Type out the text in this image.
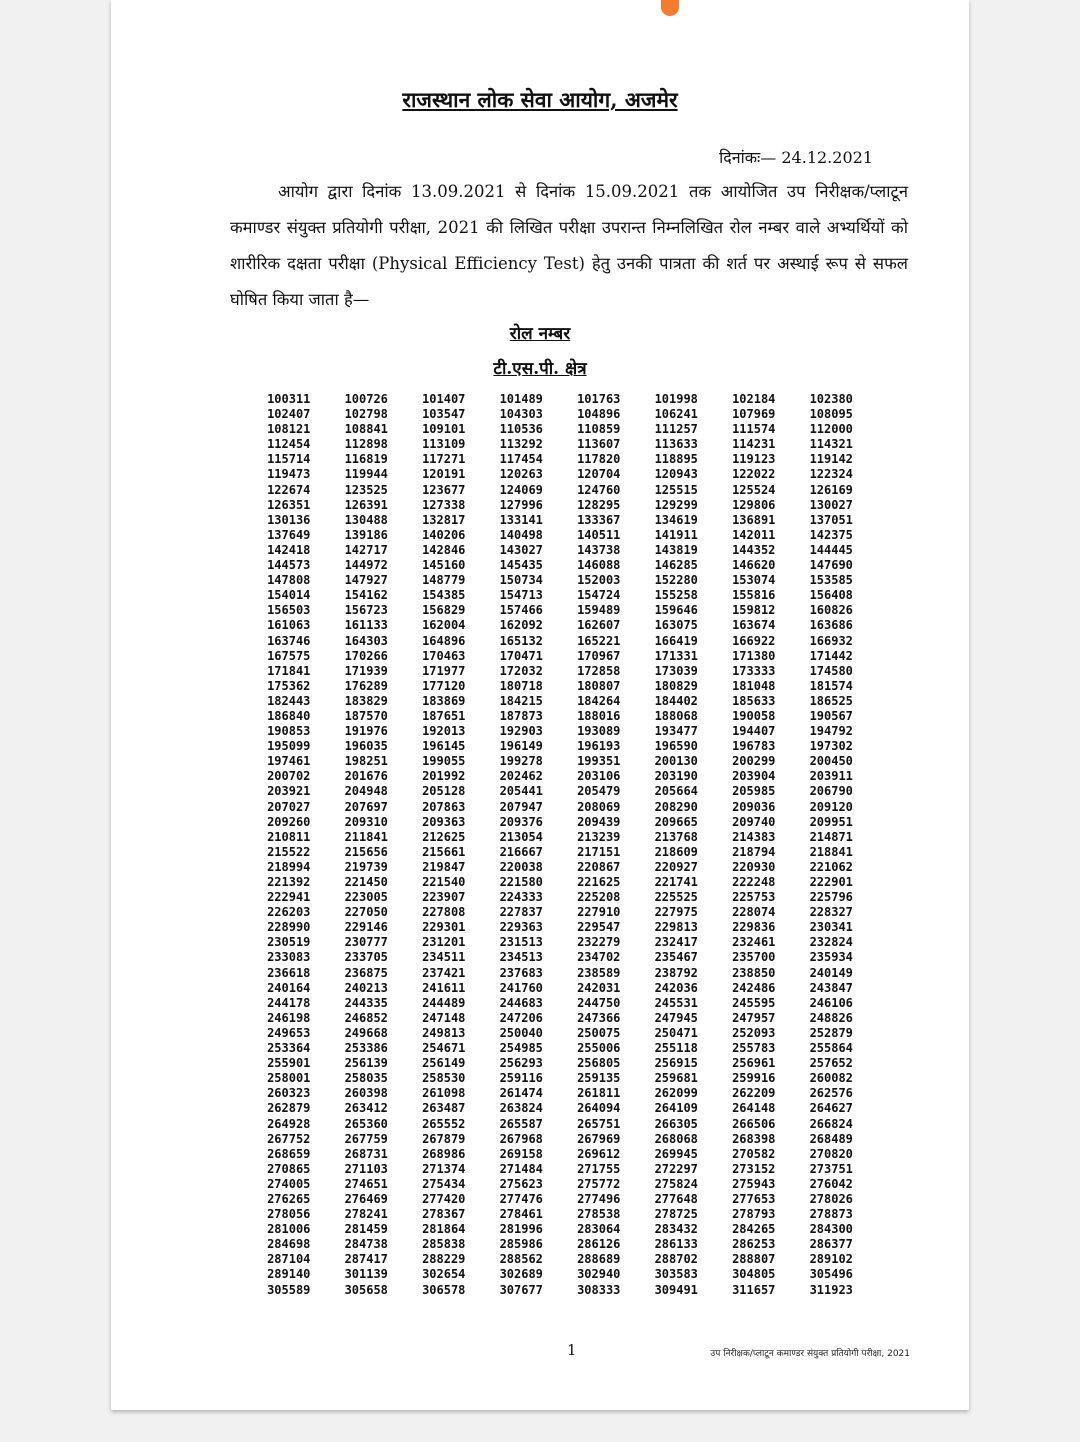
राजस्थान लोक सेवा आयोग, अजमेर
दिनांकः— 24.12.2021
आयोग द्वारा दिनांक 13.09.2021 से दिनांक 15.09.2021 तक आयोजित उप निरीक्षक/प्लाटून कमाण्डर संयुक्त प्रतियोगी परीक्षा, 2021 की लिखित परीक्षा उपरान्त निम्नलिखित रोल नम्बर वाले अभ्यर्थियों को शारीरिक दक्षता परीक्षा (Physical Efficiency Test) हेतु उनकी पात्रता की शर्त पर अस्थाई रूप से सफल घोषित किया जाता है—
रोल नम्बर
टी.एस.पी. क्षेत्र
100311	100726	101407	101489	101763	101998	102184	102380
102407	102798	103547	104303	104896	106241	107969	108095
108121	108841	109101	110536	110859	111257	111574	112000
112454	112898	113109	113292	113607	113633	114231	114321
115714	116819	117271	117454	117820	118895	119123	119142
119473	119944	120191	120263	120704	120943	122022	122324
122674	123525	123677	124069	124760	125515	125524	126169
126351	126391	127338	127996	128295	129299	129806	130027
130136	130488	132817	133141	133367	134619	136891	137051
137649	139186	140206	140498	140511	141911	142011	142375
142418	142717	142846	143027	143738	143819	144352	144445
144573	144972	145160	145435	146088	146285	146620	147690
147808	147927	148779	150734	152003	152280	153074	153585
154014	154162	154385	154713	154724	155258	155816	156408
156503	156723	156829	157466	159489	159646	159812	160826
161063	161133	162004	162092	162607	163075	163674	163686
163746	164303	164896	165132	165221	166419	166922	166932
167575	170266	170463	170471	170967	171331	171380	171442
171841	171939	171977	172032	172858	173039	173333	174580
175362	176289	177120	180718	180807	180829	181048	181574
182443	183829	183869	184215	184264	184402	185633	186525
186840	187570	187651	187873	188016	188068	190058	190567
190853	191976	192013	192903	193089	193477	194407	194792
195099	196035	196145	196149	196193	196590	196783	197302
197461	198251	199055	199278	199351	200130	200299	200450
200702	201676	201992	202462	203106	203190	203904	203911
203921	204948	205128	205441	205479	205664	205985	206790
207027	207697	207863	207947	208069	208290	209036	209120
209260	209310	209363	209376	209439	209665	209740	209951
210811	211841	212625	213054	213239	213768	214383	214871
215522	215656	215661	216667	217151	218609	218794	218841
218994	219739	219847	220038	220867	220927	220930	221062
221392	221450	221540	221580	221625	221741	222248	222901
222941	223005	223907	224333	225208	225525	225753	225796
226203	227050	227808	227837	227910	227975	228074	228327
228990	229146	229301	229363	229547	229813	229836	230341
230519	230777	231201	231513	232279	232417	232461	232824
233083	233705	234511	234513	234702	235467	235700	235934
236618	236875	237421	237683	238589	238792	238850	240149
240164	240213	241611	241760	242031	242036	242486	243847
244178	244335	244489	244683	244750	245531	245595	246106
246198	246852	247148	247206	247366	247945	247957	248826
249653	249668	249813	250040	250075	250471	252093	252879
253364	253386	254671	254985	255006	255118	255783	255864
255901	256139	256149	256293	256805	256915	256961	257652
258001	258035	258530	259116	259135	259681	259916	260082
260323	260398	261098	261474	261811	262099	262209	262576
262879	263412	263487	263824	264094	264109	264148	264627
264928	265360	265552	265587	265751	266305	266506	266824
267752	267759	267879	267968	267969	268068	268398	268489
268659	268731	268986	269158	269612	269945	270582	270820
270865	271103	271374	271484	271755	272297	273152	273751
274005	274651	275434	275623	275772	275824	275943	276042
276265	276469	277420	277476	277496	277648	277653	278026
278056	278241	278367	278461	278538	278725	278793	278873
281006	281459	281864	281996	283064	283432	284265	284300
284698	284738	285838	285986	286126	286133	286253	286377
287104	287417	288229	288562	288689	288702	288807	289102
289140	301139	302654	302689	302940	303583	304805	305496
305589	305658	306578	307677	308333	309491	311657	311923
1	उप निरीक्षक/प्लाटून कमाण्डर संयुक्त प्रतियोगी परीक्षा, 2021
